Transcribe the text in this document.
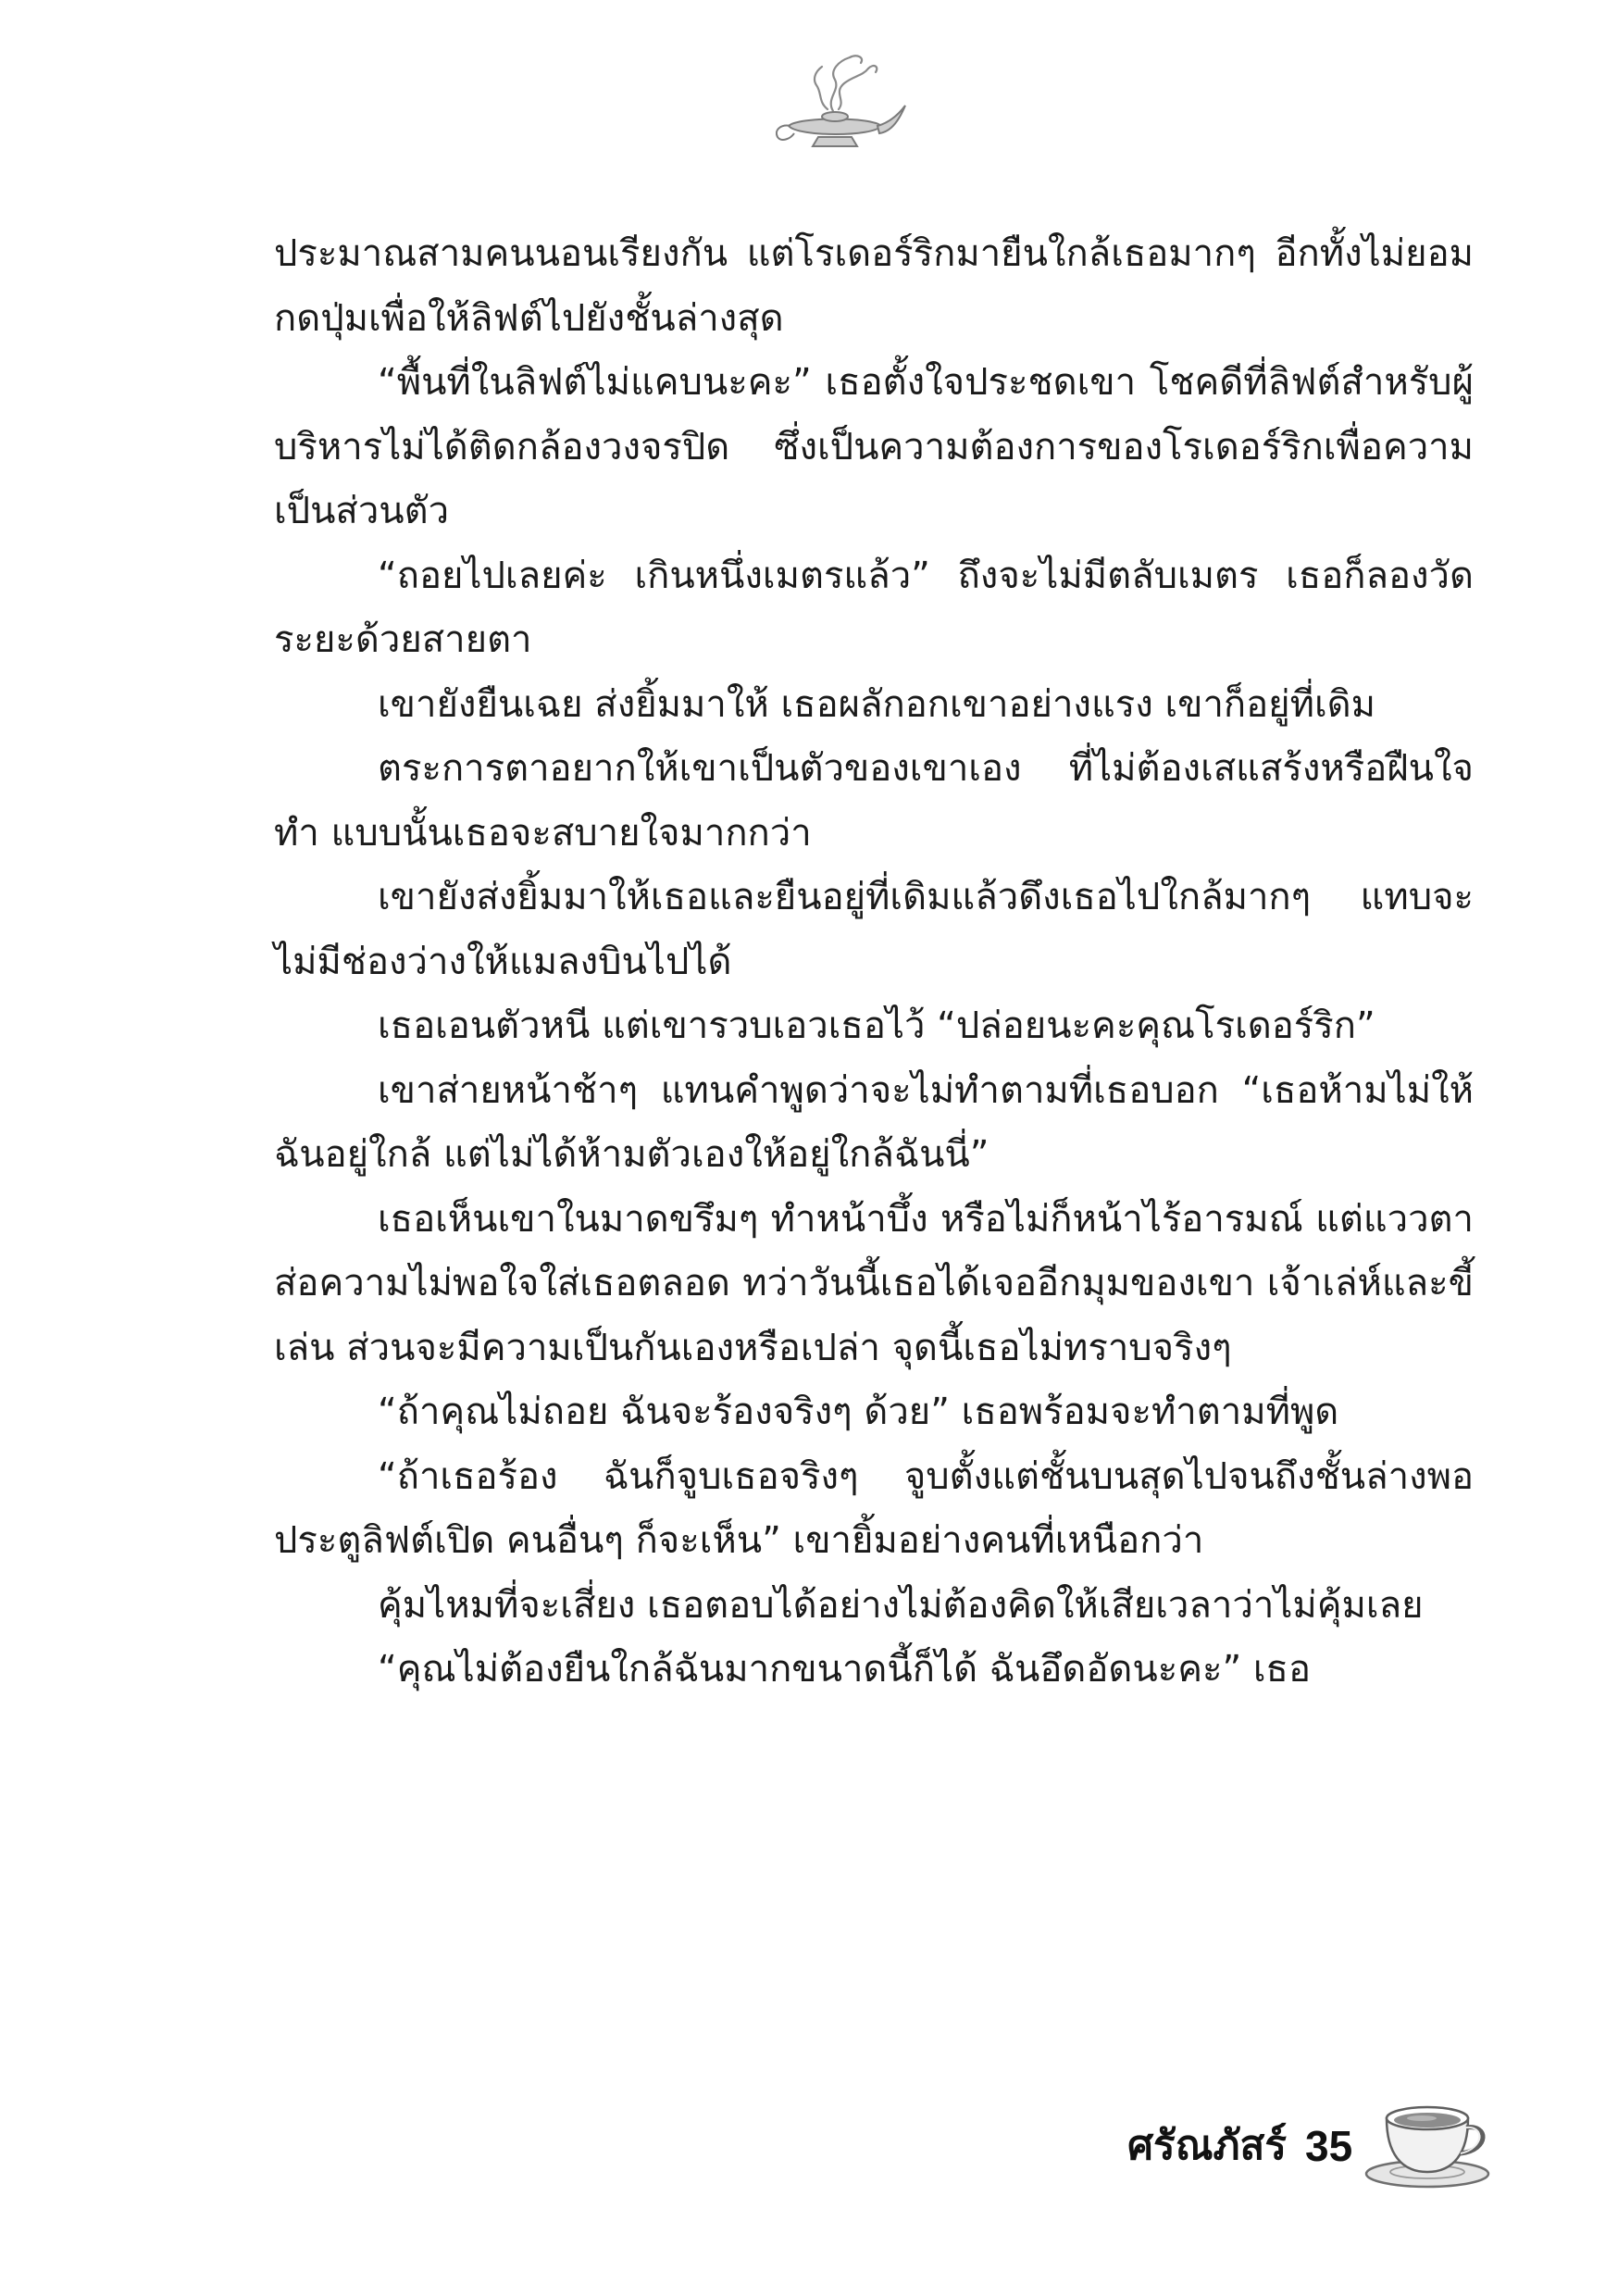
ประมาณสามคนนอนเรียงกัน แต่โรเดอร์ริกมายืนใกล้เธอมากๆ อีกทั้งไม่ยอมกดปุ่มเพื่อให้ลิฟต์ไปยังชั้นล่างสุด

“พื้นที่ในลิฟต์ไม่แคบนะคะ” เธอตั้งใจประชดเขา โชคดีที่ลิฟต์สำหรับผู้บริหารไม่ได้ติดกล้องวงจรปิด ซึ่งเป็นความต้องการของโรเดอร์ริกเพื่อความเป็นส่วนตัว

“ถอยไปเลยค่ะ เกินหนึ่งเมตรแล้ว” ถึงจะไม่มีตลับเมตร เธอก็ลองวัดระยะด้วยสายตา

เขายังยืนเฉย ส่งยิ้มมาให้ เธอผลักอกเขาอย่างแรง เขาก็อยู่ที่เดิม

ตระการตาอยากให้เขาเป็นตัวของเขาเอง ที่ไม่ต้องเสแสร้งหรือฝืนใจทำ แบบนั้นเธอจะสบายใจมากกว่า

เขายังส่งยิ้มมาให้เธอและยืนอยู่ที่เดิมแล้วดึงเธอไปใกล้มากๆ แทบจะไม่มีช่องว่างให้แมลงบินไปได้

เธอเอนตัวหนี แต่เขารวบเอวเธอไว้ “ปล่อยนะคะคุณโรเดอร์ริก”

เขาส่ายหน้าช้าๆ แทนคำพูดว่าจะไม่ทำตามที่เธอบอก “เธอห้ามไม่ให้ฉันอยู่ใกล้ แต่ไม่ได้ห้ามตัวเองให้อยู่ใกล้ฉันนี่”

เธอเห็นเขาในมาดขรึมๆ ทำหน้าบึ้ง หรือไม่ก็หน้าไร้อารมณ์ แต่แววตาส่อความไม่พอใจใส่เธอตลอด ทว่าวันนี้เธอได้เจออีกมุมของเขา เจ้าเล่ห์และขี้เล่น ส่วนจะมีความเป็นกันเองหรือเปล่า จุดนี้เธอไม่ทราบจริงๆ

“ถ้าคุณไม่ถอย ฉันจะร้องจริงๆ ด้วย” เธอพร้อมจะทำตามที่พูด

“ถ้าเธอร้อง ฉันก็จูบเธอจริงๆ จูบตั้งแต่ชั้นบนสุดไปจนถึงชั้นล่างพอประตูลิฟต์เปิด คนอื่นๆ ก็จะเห็น” เขายิ้มอย่างคนที่เหนือกว่า

คุ้มไหมที่จะเสี่ยง เธอตอบได้อย่างไม่ต้องคิดให้เสียเวลาว่าไม่คุ้มเลย

“คุณไม่ต้องยืนใกล้ฉันมากขนาดนี้ก็ได้ ฉันอึดอัดนะคะ” เธอ

ศรัณภัสร์ 35
